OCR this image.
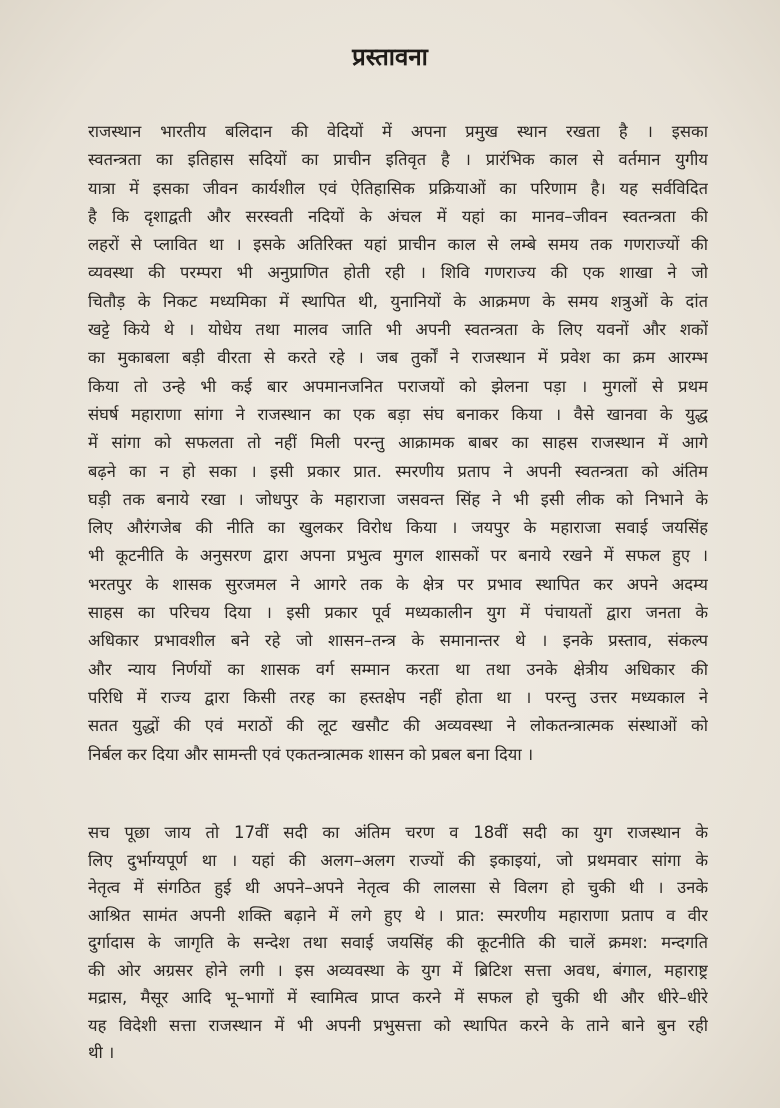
प्रस्तावना
राजस्थान भारतीय बलिदान की वेदियों में अपना प्रमुख स्थान रखता है । इसका
स्वतन्त्रता का इतिहास सदियों का प्राचीन इतिवृत है । प्रारंभिक काल से वर्तमान युगीय
यात्रा में इसका जीवन कार्यशील एवं ऐतिहासिक प्रक्रियाओं का परिणाम है। यह सर्वविदित
है कि दृशाद्वती और सरस्वती नदियों के अंचल में यहां का मानव–जीवन स्वतन्त्रता की
लहरों से प्लावित था । इसके अतिरिक्त यहां प्राचीन काल से लम्बे समय तक गणराज्यों की
व्यवस्था की परम्परा भी अनुप्राणित होती रही । शिवि गणराज्य की एक शाखा ने जो
चितौड़ के निकट मध्यमिका में स्थापित थी, युनानियों के आक्रमण के समय शत्रुओं के दांत
खट्टे किये थे । योधेय तथा मालव जाति भी अपनी स्वतन्त्रता के लिए यवनों और शकों
का मुकाबला बड़ी वीरता से करते रहे । जब तुर्कों ने राजस्थान में प्रवेश का क्रम आरम्भ
किया तो उन्हे भी कई बार अपमानजनित पराजयों को झेलना पड़ा । मुगलों से प्रथम
संघर्ष महाराणा सांगा ने राजस्थान का एक बड़ा संघ बनाकर किया । वैसे खानवा के युद्ध
में सांगा को सफलता तो नहीं मिली परन्तु आक्रामक बाबर का साहस राजस्थान में आगे
बढ़ने का न हो सका । इसी प्रकार प्रात. स्मरणीय प्रताप ने अपनी स्वतन्त्रता को अंतिम
घड़ी तक बनाये रखा । जोधपुर के महाराजा जसवन्त सिंह ने भी इसी लीक को निभाने के
लिए औरंगजेब की नीति का खुलकर विरोध किया । जयपुर के महाराजा सवाई जयसिंह
भी कूटनीति के अनुसरण द्वारा अपना प्रभुत्व मुगल शासकों पर बनाये रखने में सफल हुए ।
भरतपुर के शासक सुरजमल ने आगरे तक के क्षेत्र पर प्रभाव स्थापित कर अपने अदम्य
साहस का परिचय दिया । इसी प्रकार पूर्व मध्यकालीन युग में पंचायतों द्वारा जनता के
अधिकार प्रभावशील बने रहे जो शासन–तन्त्र के समानान्तर थे । इनके प्रस्ताव, संकल्प
और न्याय निर्णयों का शासक वर्ग सम्मान करता था तथा उनके क्षेत्रीय अधिकार की
परिधि में राज्य द्वारा किसी तरह का हस्तक्षेप नहीं होता था । परन्तु उत्तर मध्यकाल ने
सतत युद्धों की एवं मराठों की लूट खसौट की अव्यवस्था ने लोकतन्त्रात्मक संस्थाओं को
निर्बल कर दिया और सामन्ती एवं एकतन्त्रात्मक शासन को प्रबल बना दिया ।
सच पूछा जाय तो 17वीं सदी का अंतिम चरण व 18वीं सदी का युग राजस्थान के
लिए दुर्भाग्यपूर्ण था । यहां की अलग–अलग राज्यों की इकाइयां, जो प्रथमवार सांगा के
नेतृत्व में संगठित हुई थी अपने–अपने नेतृत्व की लालसा से विलग हो चुकी थी । उनके
आश्रित सामंत अपनी शक्ति बढ़ाने में लगे हुए थे । प्रात: स्मरणीय महाराणा प्रताप व वीर
दुर्गादास के जागृति के सन्देश तथा सवाई जयसिंह की कूटनीति की चालें क्रमश: मन्दगति
की ओर अग्रसर होने लगी । इस अव्यवस्था के युग में ब्रिटिश सत्ता अवध, बंगाल, महाराष्ट्र
मद्रास, मैसूर आदि भू–भागों में स्वामित्व प्राप्त करने में सफल हो चुकी थी और धीरे–धीरे
यह विदेशी सत्ता राजस्थान में भी अपनी प्रभुसत्ता को स्थापित करने के ताने बाने बुन रही
थी ।
